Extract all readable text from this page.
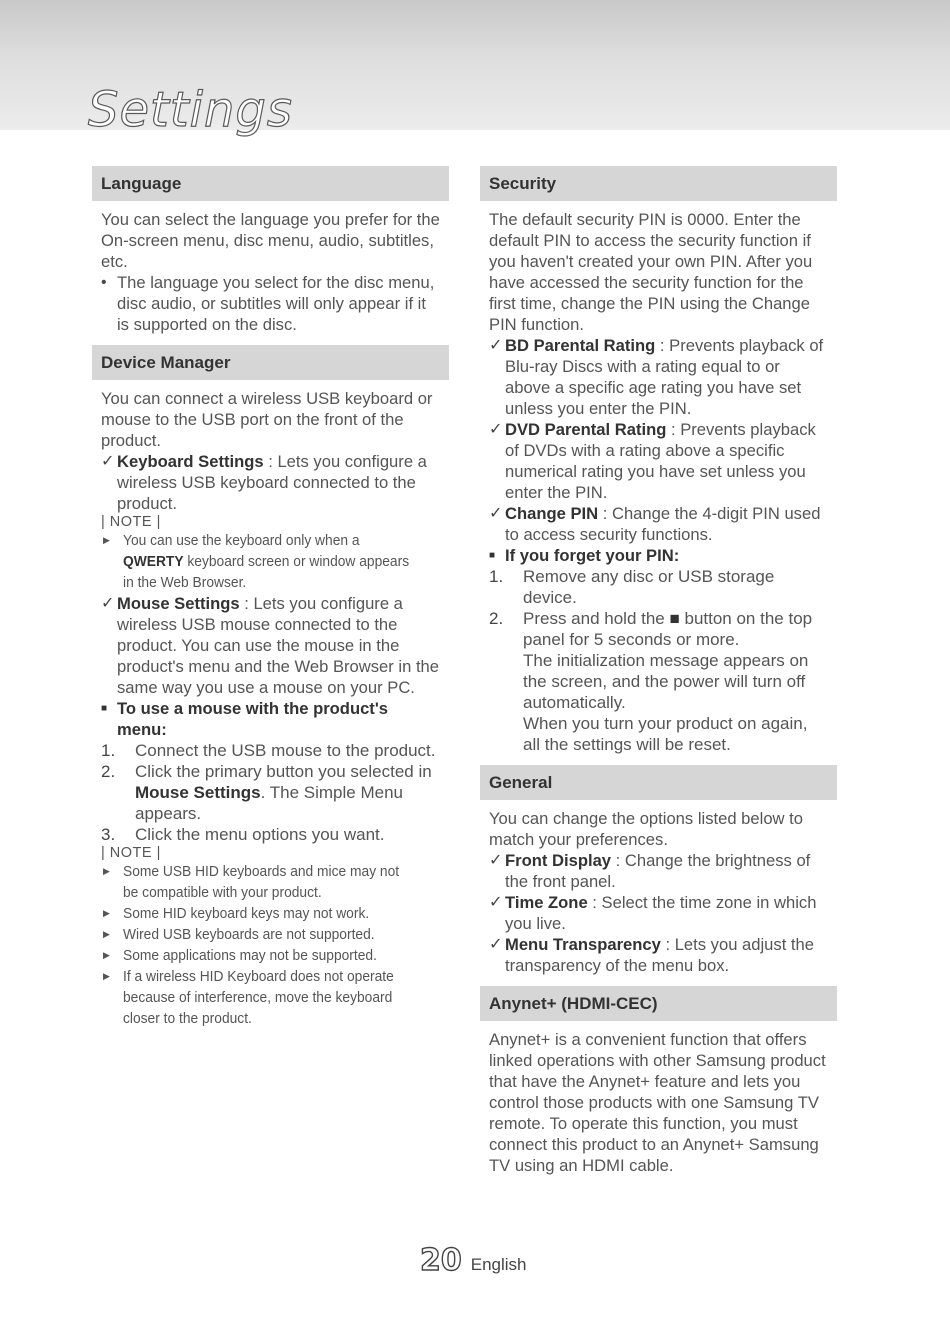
Settings
Language

You can select the language you prefer for the On-screen menu, disc menu, audio, subtitles, etc.

• The language you select for the disc menu, disc audio, or subtitles will only appear if it is supported on the disc.
Device Manager

You can connect a wireless USB keyboard or mouse to the USB port on the front of the product.

✓ Keyboard Settings : Lets you configure a wireless USB keyboard connected to the product.

| NOTE |

▶ You can use the keyboard only when a QWERTY keyboard screen or window appears in the Web Browser.
✓ Mouse Settings : Lets you configure a wireless USB mouse connected to the product. You can use the mouse in the product's menu and the Web Browser in the same way you use a mouse on your PC.
■ To use a mouse with the product's menu:
1.	Connect the USB mouse to the product.
2.	Click the primary button you selected in Mouse Settings. The Simple Menu appears.
3.	Click the menu options you want.

| NOTE |

▶ Some USB HID keyboards and mice may not be compatible with your product.
▶ Some HID keyboard keys may not work.
▶ Wired USB keyboards are not supported.
▶ Some applications may not be supported.
▶ If a wireless HID Keyboard does not operate because of interference, move the keyboard closer to the product.
Security

The default security PIN is 0000. Enter the default PIN to access the security function if you haven't created your own PIN. After you have accessed the security function for the first time, change the PIN using the Change PIN function.

✓ BD Parental Rating : Prevents playback of Blu-ray Discs with a rating equal to or above a specific age rating you have set unless you enter the PIN.
✓ DVD Parental Rating : Prevents playback of DVDs with a rating above a specific numerical rating you have set unless you enter the PIN.
✓ Change PIN : Change the 4-digit PIN used to access security functions.
■ If you forget your PIN:
1.	Remove any disc or USB storage device.
2.	Press and hold the ■ button on the top panel for 5 seconds or more.
The initialization message appears on the screen, and the power will turn off automatically.
When you turn your product on again, all the settings will be reset.
General

You can change the options listed below to match your preferences.

✓ Front Display : Change the brightness of the front panel.
✓ Time Zone : Select the time zone in which you live.
✓ Menu Transparency : Lets you adjust the transparency of the menu box.
Anynet+ (HDMI-CEC)

Anynet+ is a convenient function that offers linked operations with other Samsung product that have the Anynet+ feature and lets you control those products with one Samsung TV remote. To operate this function, you must connect this product to an Anynet+ Samsung TV using an HDMI cable.

20 English
